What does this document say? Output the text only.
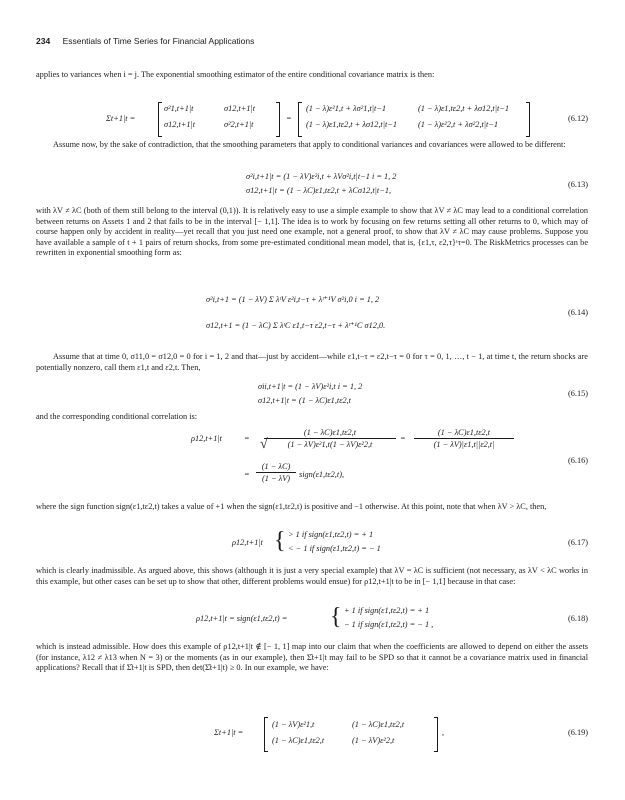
234 Essentials of Time Series for Financial Applications

applies to variances when i = j. The exponential smoothing estimator of the entire conditional covariance matrix is then:

Σt+1|t =
σ²1,t+1|t	σ12,t+1|t
σ12,t+1|t	σ²2,t+1|t
=
(1 − λ)ε²1,t + λσ²1,t|t−1	(1 − λ)ε1,tε2,t + λσ12,t|t−1
(1 − λ)ε1,tε2,t + λσ12,t|t−1	(1 − λ)ε²2,t + λσ²2,t|t−1
(6.12)

Assume now, by the sake of contradiction, that the smoothing parameters that apply to conditional variances and covariances were allowed to be different:

σ²i,t+1|t = (1 − λV)ε²i,t + λVσ²i,t|t−1 i = 1, 2
σ12,t+1|t = (1 − λC)ε1,tε2,t + λCσ12,t|t−1,
(6.13)

with λV ≠ λC (both of them still belong to the interval (0,1)). It is relatively easy to use a simple example to show that λV ≠ λC may lead to a conditional correlation between returns on Assets 1 and 2 that fails to be in the interval [− 1,1]. The idea is to work by focusing on few returns setting all other returns to 0, which may of course happen only by accident in reality—yet recall that you just need one example, not a general proof, to show that λV ≠ λC may cause problems. Suppose you have available a sample of t + 1 pairs of return shocks, from some pre-estimated conditional mean model, that is, {ε1,τ, ε2,τ}ᵗτ=0. The RiskMetrics processes can be rewritten in exponential smoothing form as:

σ²i,t+1 = (1 − λV) Σ λᵗV ε²i,t−τ + λᵗ⁺¹V σ²i,0 i = 1, 2
σ12,t+1 = (1 − λC) Σ λᵗC ε1,t−τ ε2,t−τ + λᵗ⁺¹C σ12,0.
(6.14)

Assume that at time 0, σ11,0 = σ12,0 = 0 for i = 1, 2 and that—just by accident—while ε1,t−τ = ε2,t−τ = 0 for τ = 0, 1, …, t − 1, at time t, the return shocks are potentially nonzero, call them ε1,t and ε2,t. Then,

σii,t+1|t = (1 − λV)ε²i,t i = 1, 2
σ12,t+1|t = (1 − λC)ε1,tε2,t
(6.15)

and the corresponding conditional correlation is:

ρ12,t+1|t	=
(1 − λC)ε1,tε2,t
(1 − λV)ε²1,t(1 − λV)ε²2,t
√	=
(1 − λC)ε1,tε2,t
(1 − λV)|ε1,t||ε2,t|
=
(1 − λC)
(1 − λV)	sign(ε1,tε2,t),
(6.16)

where the sign function sign(ε1,tε2,t) takes a value of +1 when the sign(ε1,tε2,t) is positive and −1 otherwise. At this point, note that when λV > λC, then,

ρ12,t+1|t { > 1 if sign(ε1,tε2,t) = + 1
< − 1 if sign(ε1,tε2,t) = − 1
(6.17)

which is clearly inadmissible. As argued above, this shows (although it is just a very special example) that λV = λC is sufficient (not necessary, as λV < λC works in this example, but other cases can be set up to show that other, different problems would ensue) for ρ12,t+1|t to be in [− 1,1] because in that case:

ρ12,t+1|t = sign(ε1,tε2,t) = { + 1 if sign(ε1,tε2,t) = + 1
− 1 if sign(ε1,tε2,t) = − 1 ,
(6.18)

which is instead admissible. How does this example of ρ12,t+1|t ∉ [− 1, 1] map into our claim that when the coefficients are allowed to depend on either the assets (for instance, λ12 ≠ λ13 when N = 3) or the moments (as in our example), then Σ̂t+1|t may fail to be SPD so that it cannot be a covariance matrix used in financial applications? Recall that if Σ̂t+1|t is SPD, then det(Σ̂t+1|t) ≥ 0. In our example, we have:

Σt+1|t =
(1 − λV)ε²1,t	(1 − λC)ε1,tε2,t
(1 − λC)ε1,tε2,t	(1 − λV)ε²2,t
,	(6.19)
